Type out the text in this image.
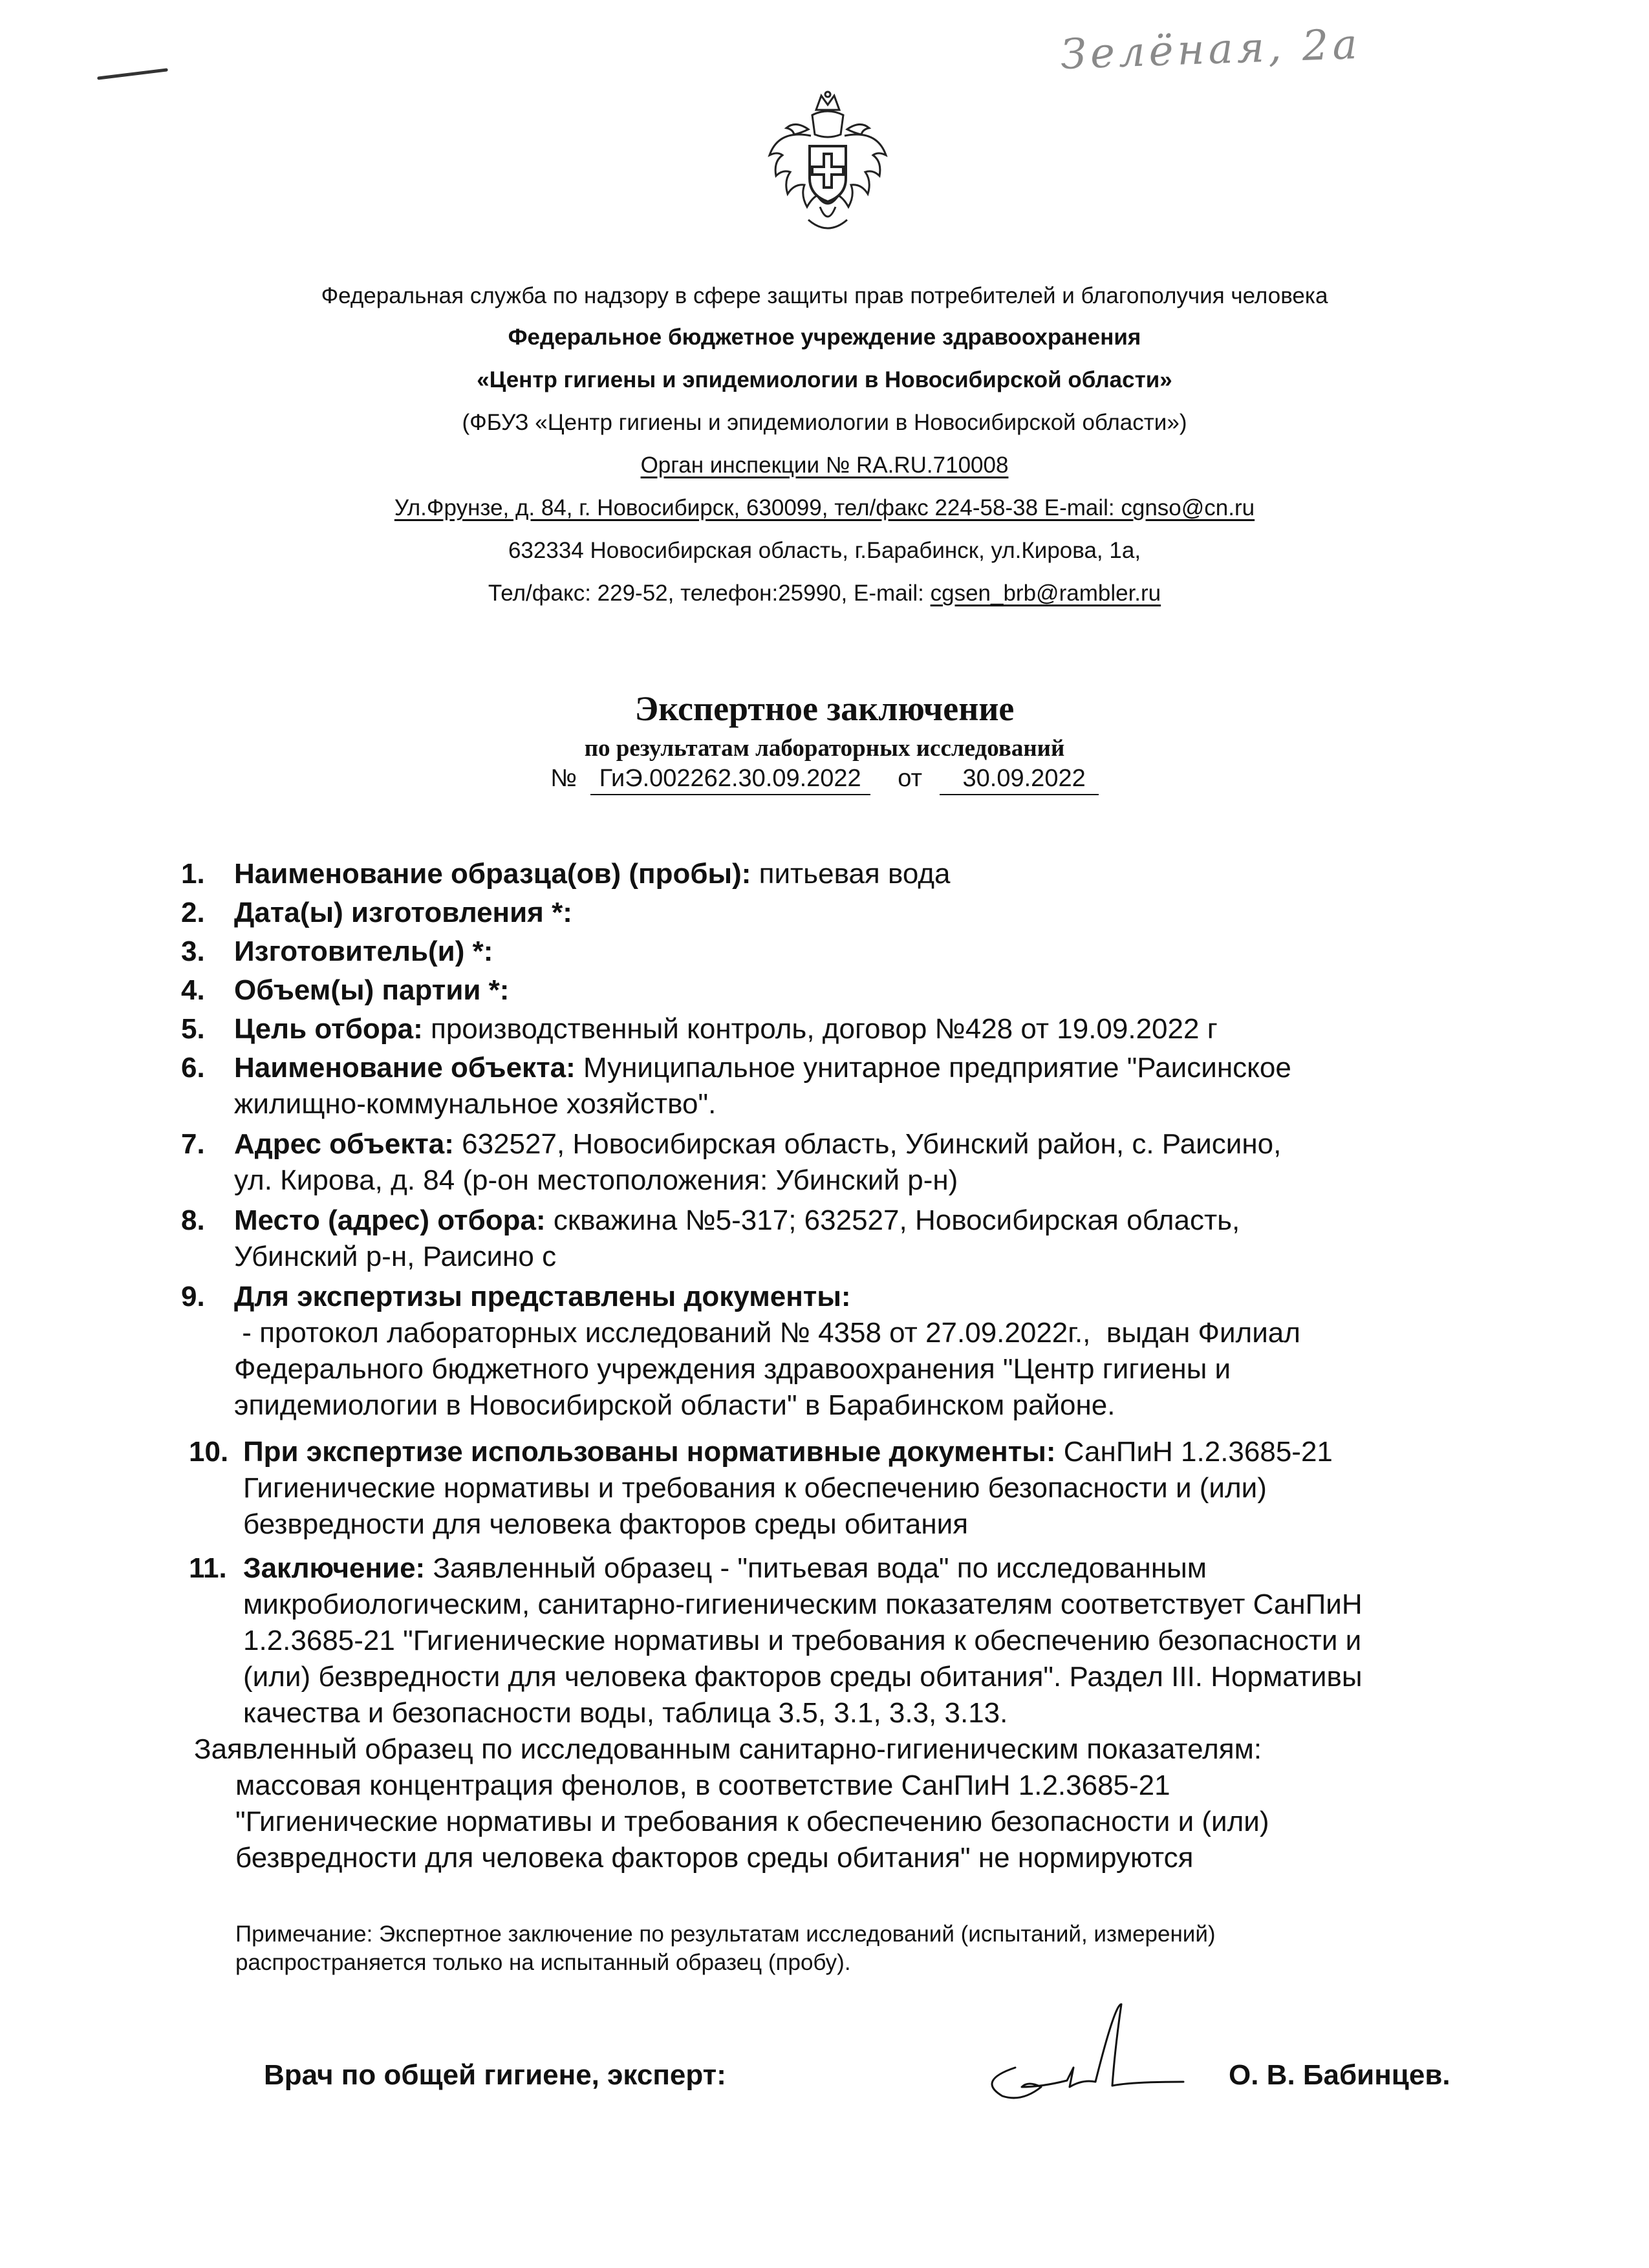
Зелёная, 2а
Федеральная служба по надзору в сфере защиты прав потребителей и благополучия человека
Федеральное бюджетное учреждение здравоохранения
«Центр гигиены и эпидемиологии в Новосибирской области»
(ФБУЗ «Центр гигиены и эпидемиологии в Новосибирской области»)
Орган инспекции № RA.RU.710008
Ул.Фрунзе, д. 84, г. Новосибирск, 630099, тел/факс 224-58-38 E-mail: cgnso@cn.ru
632334 Новосибирская область, г.Барабинск, ул.Кирова, 1а,
Тел/факс: 229-52, телефон:25990, E-mail: cgsen_brb@rambler.ru
Экспертное заключение
по результатам лабораторных исследований
№ ГиЭ.002262.30.09.2022 от 30.09.2022
1. Наименование образца(ов) (пробы): питьевая вода
2. Дата(ы) изготовления *:
3. Изготовитель(и) *:
4. Объем(ы) партии *:
5. Цель отбора: производственный контроль, договор №428 от 19.09.2022 г
6. Наименование объекта: Муниципальное унитарное предприятие "Раисинское
жилищно-коммунальное хозяйство".
7. Адрес объекта: 632527, Новосибирская область, Убинский район, с. Раисино,
ул. Кирова, д. 84 (р-он местоположения: Убинский р-н)
8. Место (адрес) отбора: скважина №5-317; 632527, Новосибирская область,
Убинский р-н, Раисино с
9. Для экспертизы представлены документы:
- протокол лабораторных исследований № 4358 от 27.09.2022г.,  выдан Филиал
Федерального бюджетного учреждения здравоохранения "Центр гигиены и
эпидемиологии в Новосибирской области" в Барабинском районе.
10. При экспертизе использованы нормативные документы: СанПиН 1.2.3685-21
Гигиенические нормативы и требования к обеспечению безопасности и (или)
безвредности для человека факторов среды обитания
11. Заключение: Заявленный образец - "питьевая вода" по исследованным
микробиологическим, санитарно-гигиеническим показателям соответствует СанПиН
1.2.3685-21 "Гигиенические нормативы и требования к обеспечению безопасности и
(или) безвредности для человека факторов среды обитания". Раздел III. Нормативы
качества и безопасности воды, таблица 3.5, 3.1, 3.3, 3.13.
Заявленный образец по исследованным санитарно-гигиеническим показателям:
массовая концентрация фенолов, в соответствие СанПиН 1.2.3685-21
"Гигиенические нормативы и требования к обеспечению безопасности и (или)
безвредности для человека факторов среды обитания" не нормируются
Примечание: Экспертное заключение по результатам исследований (испытаний, измерений)
распространяется только на испытанный образец (пробу).
Врач по общей гигиене, эксперт:	О. В. Бабинцев.
